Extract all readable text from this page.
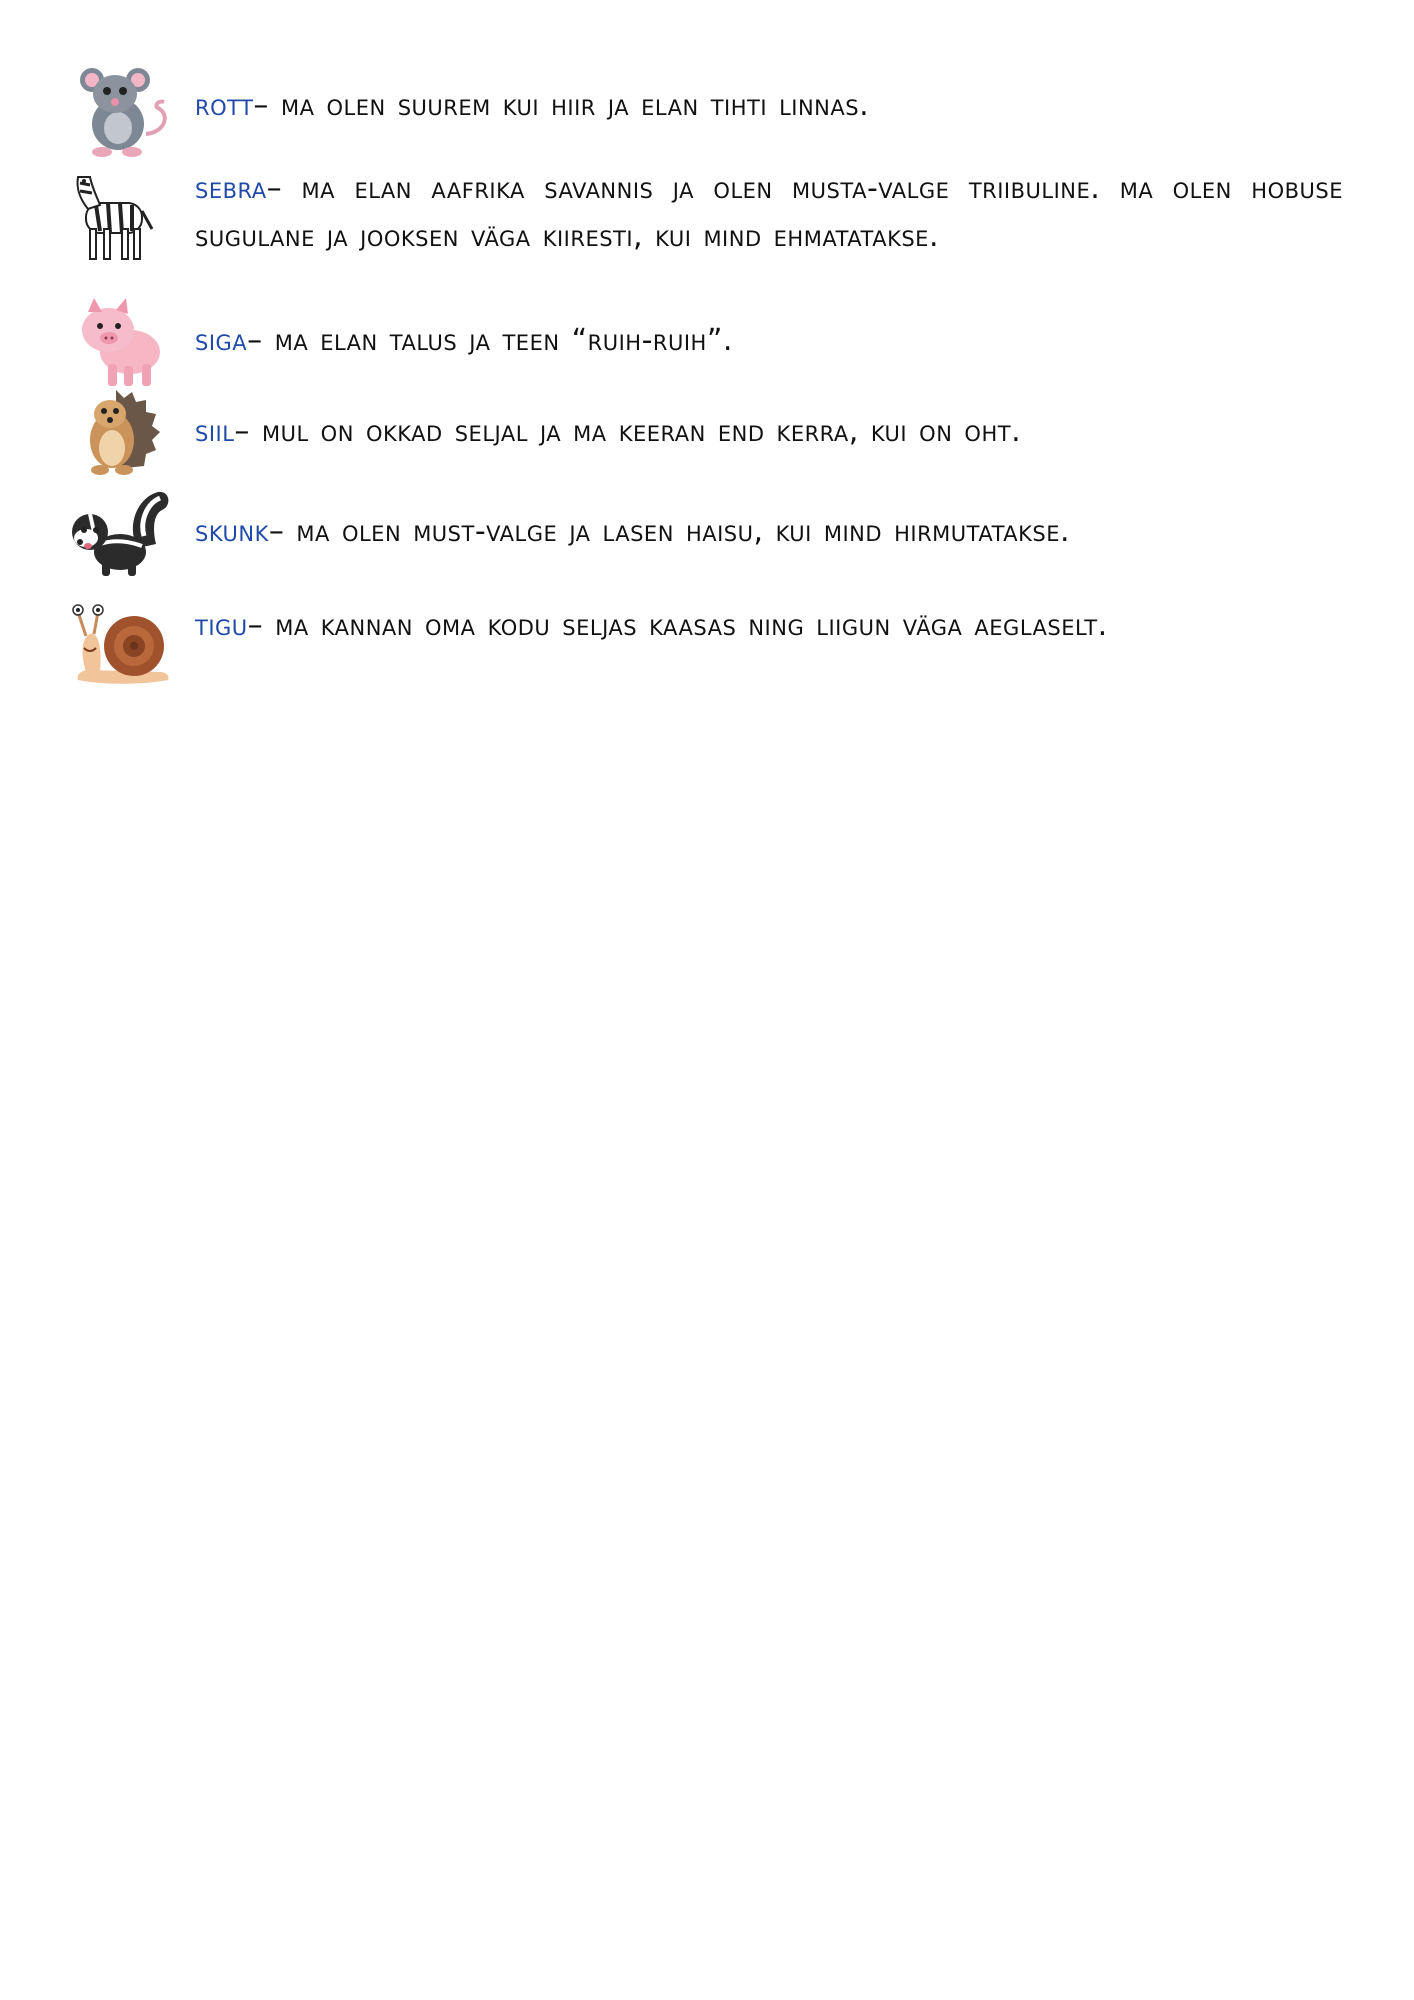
rott– ma olen suurem kui hiir ja elan tihti linnas.
sebra– ma elan aafrika savannis ja olen musta-valge triibuline. ma olen hobuse sugulane ja jooksen väga kiiresti, kui mind ehmatatakse.
siga– ma elan talus ja teen “ruih-ruih”.
siil– mul on okkad seljal ja ma keeran end kerra, kui on oht.
skunk– ma olen must-valge ja lasen haisu, kui mind hirmutatakse.
tigu– ma kannan oma kodu seljas kaasas ning liigun väga aeglaselt.
